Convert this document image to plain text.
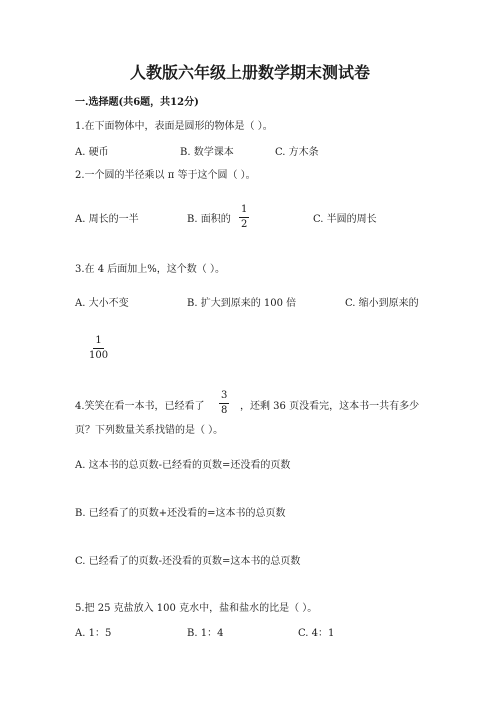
人教版六年级上册数学期末测试卷
一.选择题(共6题，共12分)
1.在下面物体中，表面是圆形的物体是（ ）。
A. 硬币	B. 数学课本	C. 方木条
2.一个圆的半径乘以 π 等于这个圆（ ）。
A. 周长的一半	B. 面积的 $\frac{1}{2}$	C. 半圆的周长
3.在 4 后面加上%，这个数（ ）。
A. 大小不变	B. 扩大到原来的 100 倍	C. 缩小到原来的
$\frac{1}{100}$
4.笑笑在看一本书，已经看了 $\frac{3}{8}$ ，还剩 36 页没看完，这本书一共有多少
页？下列数量关系找错的是（ ）。
A. 这本书的总页数-已经看的页数=还没看的页数
B. 已经看了的页数+还没看的=这本书的总页数
C. 已经看了的页数-还没看的页数=这本书的总页数
5.把 25 克盐放入 100 克水中，盐和盐水的比是（ ）。
A. 1：5	B. 1：4	C. 4：1
